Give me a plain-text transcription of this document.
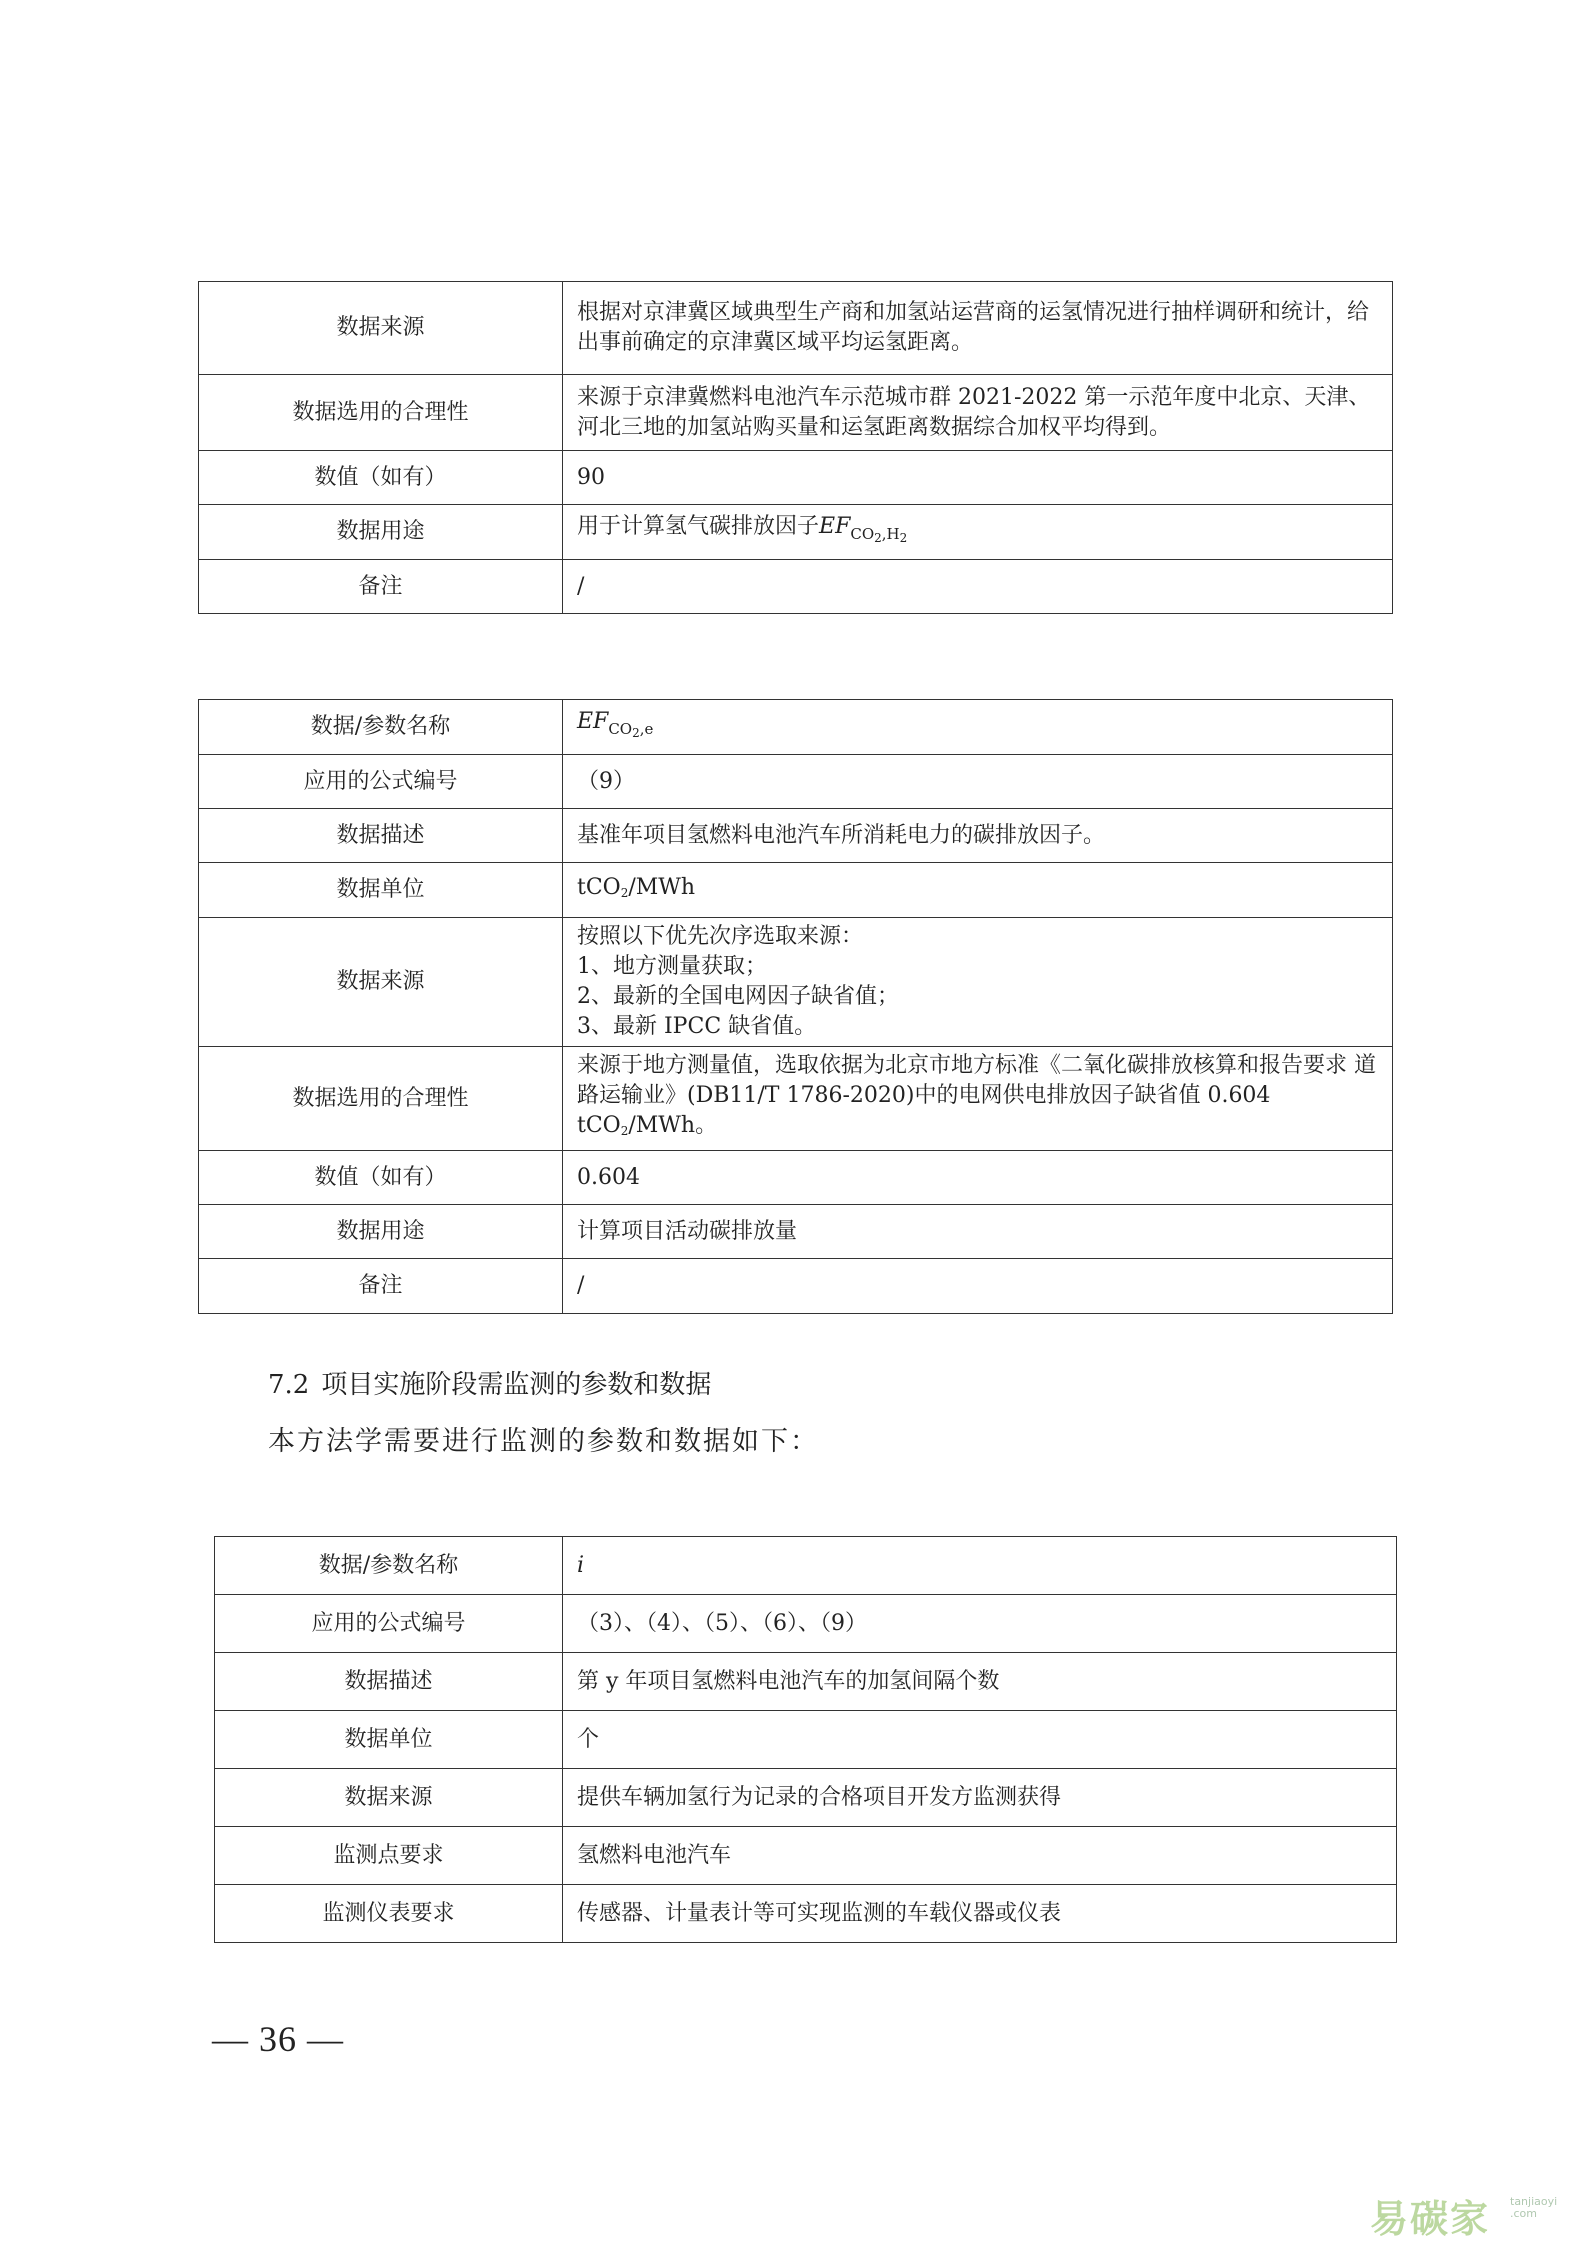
数据来源	根据对京津冀区域典型生产商和加氢站运营商的运氢情况进行抽样调研和统计，给出事前确定的京津冀区域平均运氢距离。
数据选用的合理性	来源于京津冀燃料电池汽车示范城市群 2021-2022 第一示范年度中北京、天津、河北三地的加氢站购买量和运氢距离数据综合加权平均得到。
数值（如有）	90
数据用途	用于计算氢气碳排放因子$EF_{CO_2,H_2}$
备注	/
数据/参数名称	$EF_{CO_2,e}$
应用的公式编号	（9）
数据描述	基准年项目氢燃料电池汽车所消耗电力的碳排放因子。
数据单位	tCO2/MWh
数据来源	按照以下优先次序选取来源：
1、地方测量获取；
2、最新的全国电网因子缺省值；
3、最新 IPCC 缺省值。
数据选用的合理性	来源于地方测量值，选取依据为北京市地方标准《二氧化碳排放核算和报告要求 道路运输业》(DB11/T 1786-2020)中的电网供电排放因子缺省值 0.604 tCO2/MWh。
数值（如有）	0.604
数据用途	计算项目活动碳排放量
备注	/
7.2 项目实施阶段需监测的参数和数据
本方法学需要进行监测的参数和数据如下：
数据/参数名称	i
应用的公式编号	（3）、（4）、（5）、（6）、（9）
数据描述	第 y 年项目氢燃料电池汽车的加氢间隔个数
数据单位	个
数据来源	提供车辆加氢行为记录的合格项目开发方监测获得
监测点要求	氢燃料电池汽车
监测仪表要求	传感器、计量表计等可实现监测的车载仪器或仪表
— 36 —
易碳家 tanjiaoyi .com
